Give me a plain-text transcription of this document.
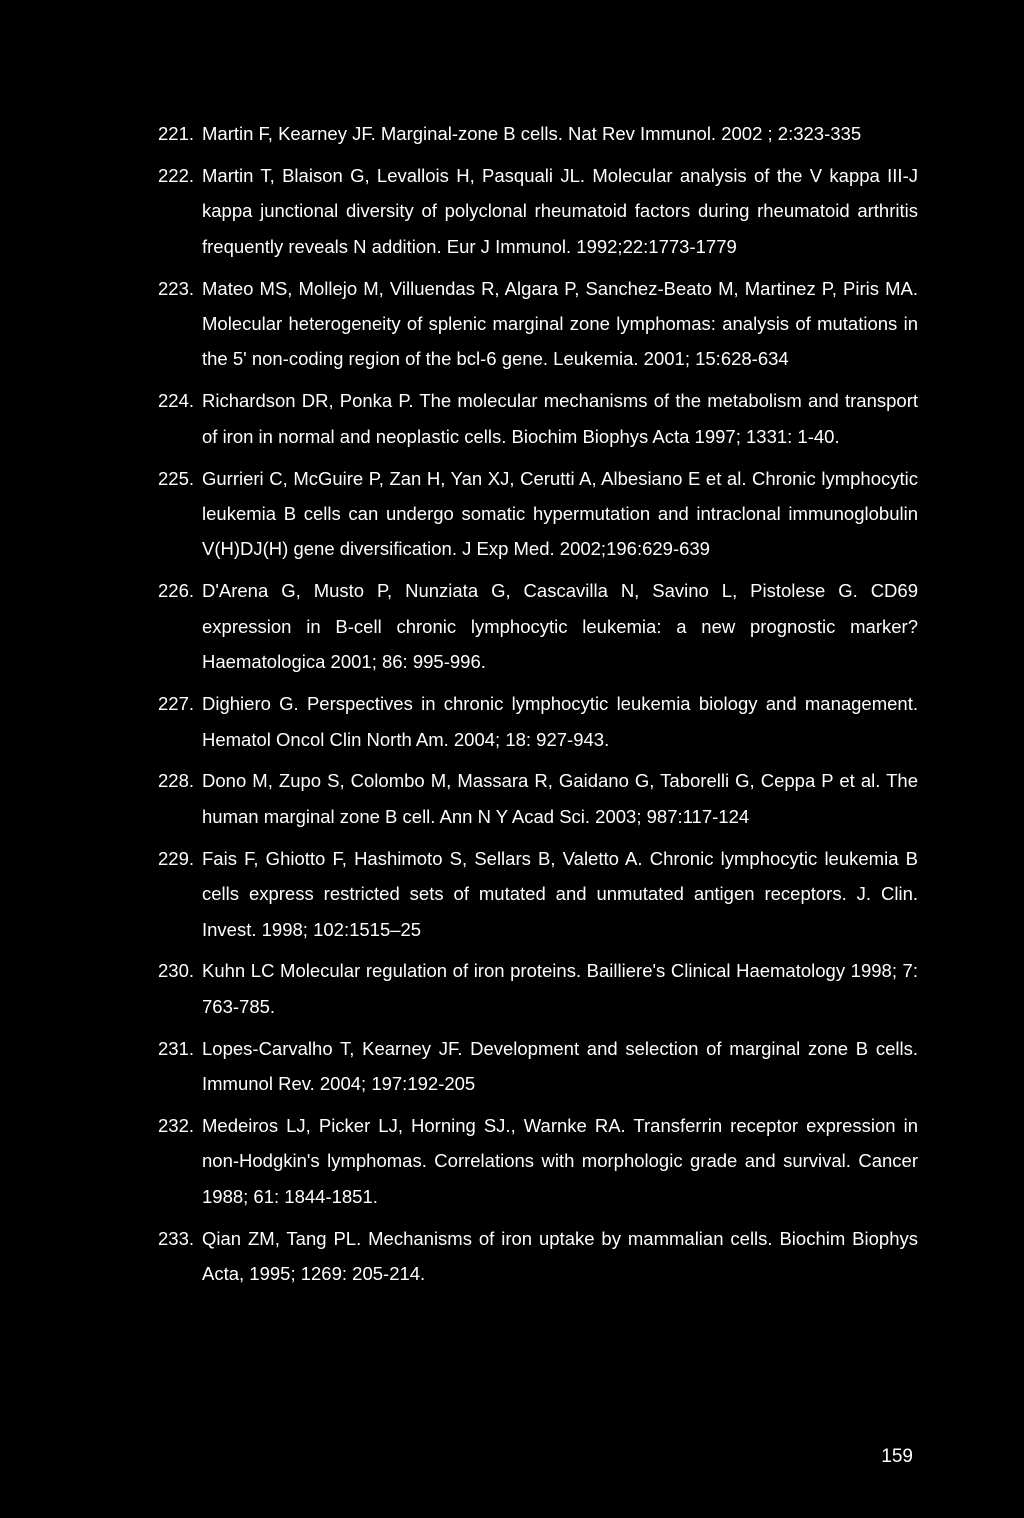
221. Martin F, Kearney JF. Marginal-zone B cells. Nat Rev Immunol. 2002 ; 2:323-335
222. Martin T, Blaison G, Levallois H, Pasquali JL. Molecular analysis of the V kappa III-J kappa junctional diversity of polyclonal rheumatoid factors during rheumatoid arthritis frequently reveals N addition. Eur J Immunol. 1992;22:1773-1779
223. Mateo MS, Mollejo M, Villuendas R, Algara P, Sanchez-Beato M, Martinez P, Piris MA. Molecular heterogeneity of splenic marginal zone lymphomas: analysis of mutations in the 5' non-coding region of the bcl-6 gene. Leukemia. 2001; 15:628-634
224. Richardson DR, Ponka P. The molecular mechanisms of the metabolism and transport of iron in normal and neoplastic cells. Biochim Biophys Acta 1997; 1331: 1-40.
225. Gurrieri C, McGuire P, Zan H, Yan XJ, Cerutti A, Albesiano E et al. Chronic lymphocytic leukemia B cells can undergo somatic hypermutation and intraclonal immunoglobulin V(H)DJ(H) gene diversification. J Exp Med. 2002;196:629-639
226. D'Arena G, Musto P, Nunziata G, Cascavilla N, Savino L, Pistolese G. CD69 expression in B-cell chronic lymphocytic leukemia: a new prognostic marker? Haematologica 2001; 86: 995-996.
227. Dighiero G. Perspectives in chronic lymphocytic leukemia biology and management. Hematol Oncol Clin North Am. 2004; 18: 927-943.
228. Dono M, Zupo S, Colombo M, Massara R, Gaidano G, Taborelli G, Ceppa P et al. The human marginal zone B cell. Ann N Y Acad Sci. 2003; 987:117-124
229. Fais F, Ghiotto F, Hashimoto S, Sellars B, Valetto A. Chronic lymphocytic leukemia B cells express restricted sets of mutated and unmutated antigen receptors. J. Clin. Invest. 1998; 102:1515–25
230. Kuhn LC Molecular regulation of iron proteins. Bailliere's Clinical Haematology 1998; 7: 763-785.
231. Lopes-Carvalho T, Kearney JF. Development and selection of marginal zone B cells. Immunol Rev. 2004; 197:192-205
232. Medeiros LJ, Picker LJ, Horning SJ., Warnke RA. Transferrin receptor expression in non-Hodgkin's lymphomas. Correlations with morphologic grade and survival. Cancer 1988; 61: 1844-1851.
233. Qian ZM, Tang PL. Mechanisms of iron uptake by mammalian cells. Biochim Biophys Acta, 1995; 1269: 205-214.
159
